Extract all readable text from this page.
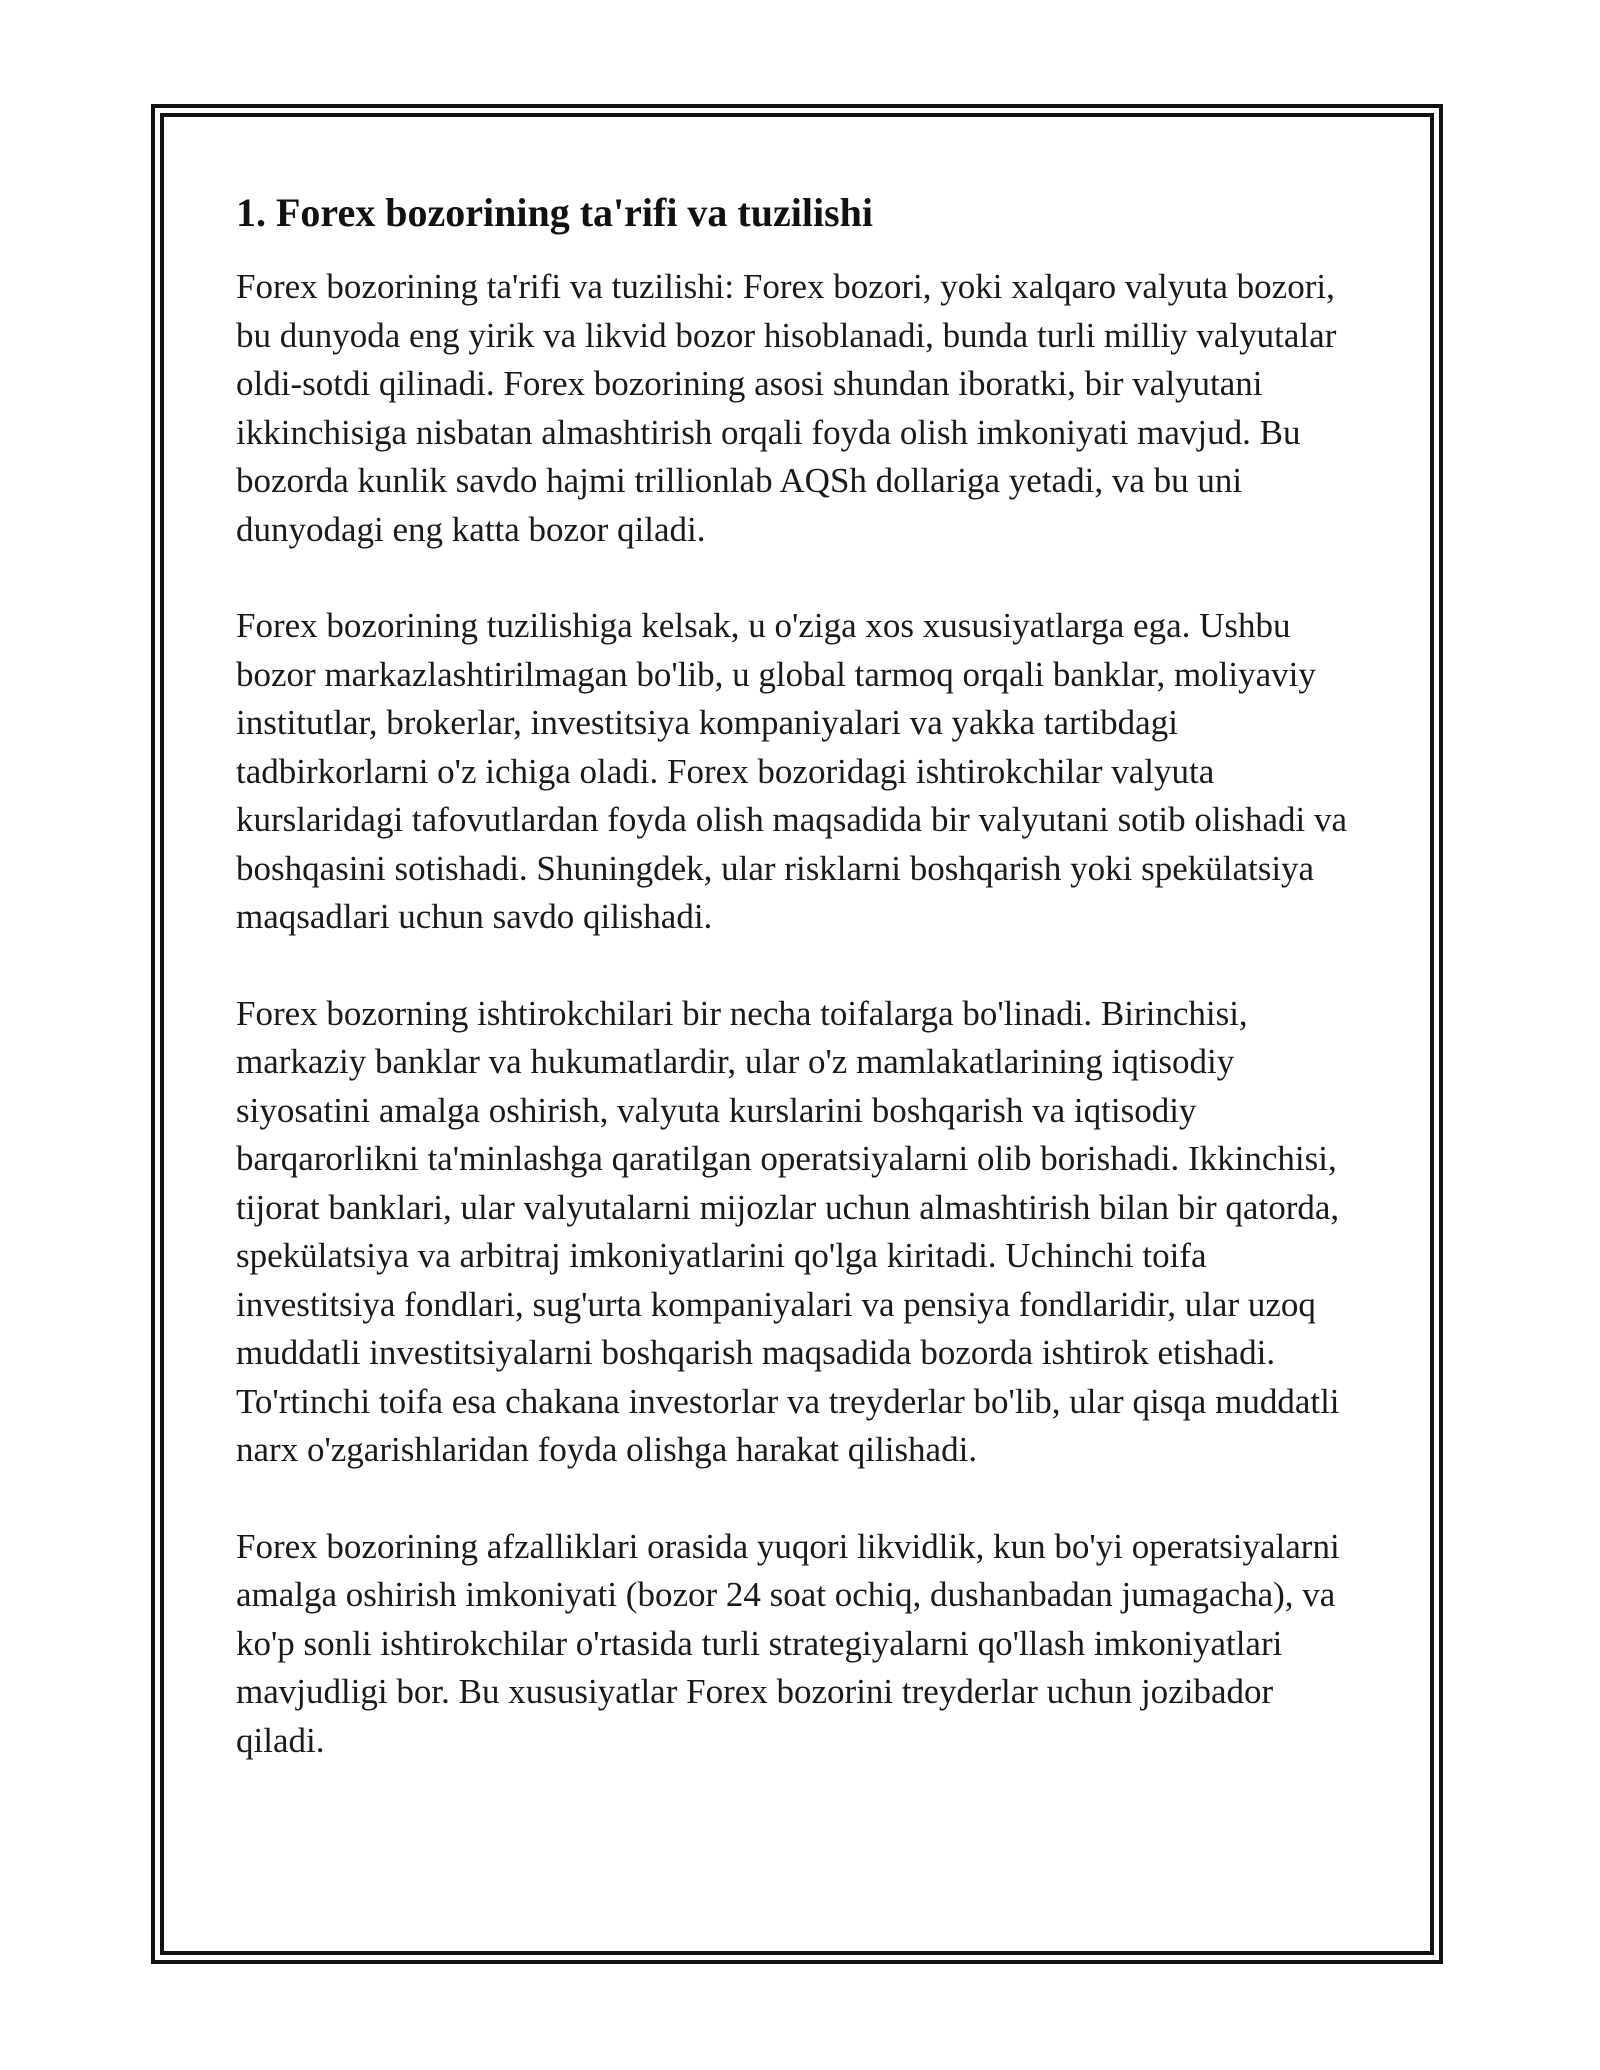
1. Forex bozorining ta'rifi va tuzilishi

Forex bozorining ta'rifi va tuzilishi: Forex bozori, yoki xalqaro valyuta bozori, bu dunyoda eng yirik va likvid bozor hisoblanadi, bunda turli milliy valyutalar oldi-sotdi qilinadi. Forex bozorining asosi shundan iboratki, bir valyutani ikkinchisiga nisbatan almashtirish orqali foyda olish imkoniyati mavjud. Bu bozorda kunlik savdo hajmi trillionlab AQSh dollariga yetadi, va bu uni dunyodagi eng katta bozor qiladi.

Forex bozorining tuzilishiga kelsak, u o'ziga xos xususiyatlarga ega. Ushbu bozor markazlashtirilmagan bo'lib, u global tarmoq orqali banklar, moliyaviy institutlar, brokerlar, investitsiya kompaniyalari va yakka tartibdagi tadbirkorlarni o'z ichiga oladi. Forex bozoridagi ishtirokchilar valyuta kurslaridagi tafovutlardan foyda olish maqsadida bir valyutani sotib olishadi va boshqasini sotishadi. Shuningdek, ular risklarni boshqarish yoki spekülatsiya maqsadlari uchun savdo qilishadi.

Forex bozorning ishtirokchilari bir necha toifalarga bo'linadi. Birinchisi, markaziy banklar va hukumatlardir, ular o'z mamlakatlarining iqtisodiy siyosatini amalga oshirish, valyuta kurslarini boshqarish va iqtisodiy barqarorlikni ta'minlashga qaratilgan operatsiyalarni olib borishadi. Ikkinchisi, tijorat banklari, ular valyutalarni mijozlar uchun almashtirish bilan bir qatorda, spekülatsiya va arbitraj imkoniyatlarini qo'lga kiritadi. Uchinchi toifa investitsiya fondlari, sug'urta kompaniyalari va pensiya fondlaridir, ular uzoq muddatli investitsiyalarni boshqarish maqsadida bozorda ishtirok etishadi. To'rtinchi toifa esa chakana investorlar va treyderlar bo'lib, ular qisqa muddatli narx o'zgarishlaridan foyda olishga harakat qilishadi.

Forex bozorining afzalliklari orasida yuqori likvidlik, kun bo'yi operatsiyalarni amalga oshirish imkoniyati (bozor 24 soat ochiq, dushanbadan jumagacha), va ko'p sonli ishtirokchilar o'rtasida turli strategiyalarni qo'llash imkoniyatlari mavjudligi bor. Bu xususiyatlar Forex bozorini treyderlar uchun jozibador qiladi.
